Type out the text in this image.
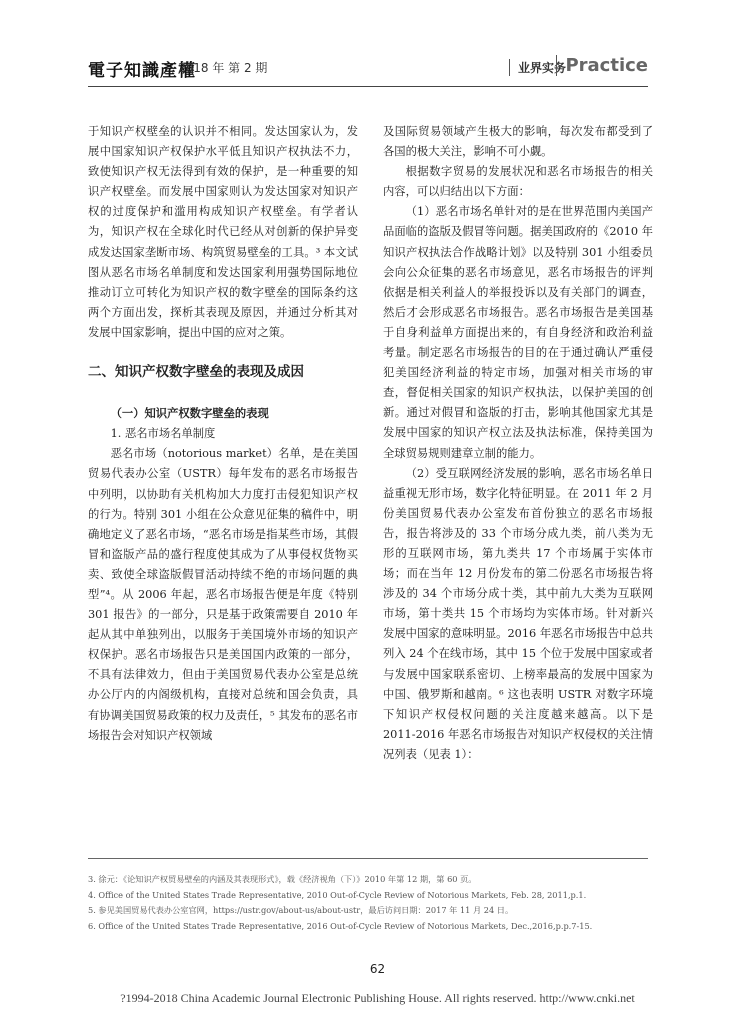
電子知識產權
2018 年 第 2 期	业界实务 Practice

于知识产权壁垒的认识并不相同。发达国家认为，发展中国家知识产权保护水平低且知识产权执法不力，致使知识产权无法得到有效的保护，是一种重要的知识产权壁垒。而发展中国家则认为发达国家对知识产权的过度保护和滥用构成知识产权壁垒。有学者认为，知识产权在全球化时代已经从对创新的保护异变成发达国家垄断市场、构筑贸易壁垒的工具。³ 本文试图从恶名市场名单制度和发达国家利用强势国际地位推动订立可转化为知识产权的数字壁垒的国际条约这两个方面出发，探析其表现及原因，并通过分析其对发展中国家影响，提出中国的应对之策。

二、知识产权数字壁垒的表现及成因

（一）知识产权数字壁垒的表现

1. 恶名市场名单制度

恶名市场（notorious market）名单，是在美国贸易代表办公室（USTR）每年发布的恶名市场报告中列明，以协助有关机构加大力度打击侵犯知识产权的行为。特别 301 小组在公众意见征集的稿件中，明确地定义了恶名市场，“恶名市场是指某些市场，其假冒和盗版产品的盛行程度使其成为了从事侵权货物买卖、致使全球盗版假冒活动持续不绝的市场问题的典型”⁴。从 2006 年起，恶名市场报告便是年度《特别 301 报告》的一部分，只是基于政策需要自 2010 年起从其中单独列出，以服务于美国境外市场的知识产权保护。恶名市场报告只是美国国内政策的一部分，不具有法律效力，但由于美国贸易代表办公室是总统办公厅内的内阁级机构，直接对总统和国会负责，具有协调美国贸易政策的权力及责任，⁵ 其发布的恶名市场报告会对知识产权领域

及国际贸易领域产生极大的影响，每次发布都受到了各国的极大关注，影响不可小觑。

根据数字贸易的发展状况和恶名市场报告的相关内容，可以归结出以下方面：

（1）恶名市场名单针对的是在世界范围内美国产品面临的盗版及假冒等问题。据美国政府的《2010 年知识产权执法合作战略计划》以及特别 301 小组委员会向公众征集的恶名市场意见，恶名市场报告的评判依据是相关利益人的举报投诉以及有关部门的调查，然后才会形成恶名市场报告。恶名市场报告是美国基于自身利益单方面提出来的，有自身经济和政治利益考量。制定恶名市场报告的目的在于通过确认严重侵犯美国经济利益的特定市场，加强对相关市场的审查，督促相关国家的知识产权执法，以保护美国的创新。通过对假冒和盗版的打击，影响其他国家尤其是发展中国家的知识产权立法及执法标准，保持美国为全球贸易规则建章立制的能力。

（2）受互联网经济发展的影响，恶名市场名单日益重视无形市场，数字化特征明显。在 2011 年 2 月份美国贸易代表办公室发布首份独立的恶名市场报告，报告将涉及的 33 个市场分成九类，前八类为无形的互联网市场，第九类共 17 个市场属于实体市场；而在当年 12 月份发布的第二份恶名市场报告将涉及的 34 个市场分成十类，其中前九大类为互联网市场，第十类共 15 个市场均为实体市场。针对新兴发展中国家的意味明显。2016 年恶名市场报告中总共列入 24 个在线市场，其中 15 个位于发展中国家或者与发展中国家联系密切、上榜率最高的发展中国家为中国、俄罗斯和越南。⁶ 这也表明 USTR 对数字环境下知识产权侵权问题的关注度越来越高。以下是 2011-2016 年恶名市场报告对知识产权侵权的关注情况列表（见表 1）：

3. 徐元：《论知识产权贸易壁垒的内涵及其表现形式》，载《经济视角（下）》2010 年第 12 期，第 60 页。

4. Office of the United States Trade Representative, 2010 Out-of-Cycle Review of Notorious Markets, Feb. 28, 2011,p.1.

5. 参见美国贸易代表办公室官网，https://ustr.gov/about-us/about-ustr，最后访问日期：2017 年 11 月 24 日。

6. Office of the United States Trade Representative, 2016 Out-of-Cycle Review of Notorious Markets, Dec.,2016,p.p.7-15.

62
?1994-2018 China Academic Journal Electronic Publishing House. All rights reserved. http://www.cnki.net
